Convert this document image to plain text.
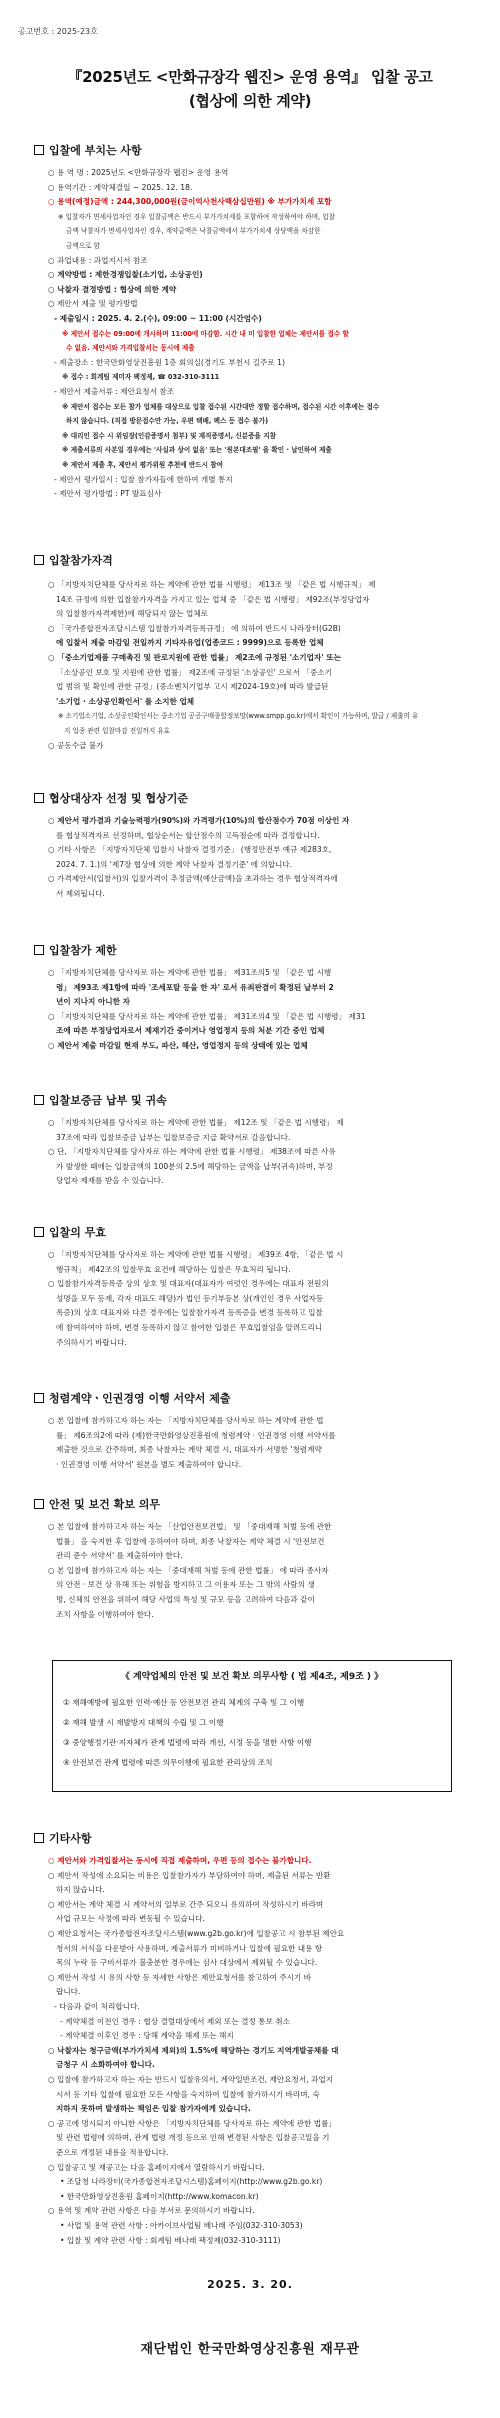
공고번호 : 2025-23호
『2025년도 <만화규장각 웹진> 운영 용역』 입찰 공고
(협상에 의한 계약)
입찰에 부치는 사항
○ 용 역 명 : 2025년도 <만화규장각 웹진> 운영 용역
○ 용역기간 : 계약체결일 ~ 2025. 12. 18.
○ 용역(예정)금액 : 244,300,000원(금이억사천사백삼십만원) ※ 부가가치세 포함
※ 입찰자가 면세사업자인 경우 입찰금액은 반드시 부가가치세를 포함하여 작성하여야 하며, 입찰
금액 낙찰자가 면세사업자인 경우, 계약금액은 낙찰금액에서 부가가치세 상당액을 차감한
금액으로 함
○ 과업내용 : 과업지시서 참조
○ 계약방법 : 제한경쟁입찰(소기업, 소상공인)
○ 낙찰자 결정방법 : 협상에 의한 계약
○ 제안서 제출 및 평가방법
- 제출일시 : 2025. 4. 2.(수), 09:00 ~ 11:00 (시간엄수)
※ 제안서 접수는 09:00에 개시하며 11:00에 마감함. 시간 내 미 입찰한 업체는 제안서를 접수 할
수 없음. 제안서와 가격입찰서는 동시에 제출
- 제출장소 : 한국만화영상진흥원 1층 회의실(경기도 부천시 길주로 1)
※ 접수 : 회계팀 제미자 팩정제, ☎ 032-310-3111
- 제안서 제출서류 : 제안요청서 참조
※ 제안서 접수는 모든 참가 업체를 대상으로 입찰 접수된 시간대만 정할 접수하며, 접수된 시간 이후에는 접수
하지 않습니다. (직접 방문접수만 가능, 우편 택배, 팩스 등 접수 불가)
※ 대리인 접수 시 위임장(인감증명서 첨부) 및 재직증명서, 신분증을 지참
※ 제출서류의 사본일 경우에는 '사실과 상이 없음' 또는 '원본대조필' 을 확인 · 날인하여 제출
※ 제안서 제출 후, 제안서 평가위원 추천에 반드시 참여
- 제안서 평가일시 : 입찰 참가자들에 한하여 개별 통지
- 제안서 평가방법 : PT 발표심사
입찰참가자격
○ 「지방자치단체를 당사자로 하는 계약에 관한 법률 시행령」 제13조 및 「같은 법 시행규칙」 제
14조 규정에 의한 입찰참가자격을 가지고 있는 업체 중 「같은 법 시행령」 제92조(부정당업자
의 입찰참가자격제한)에 해당되지 않는 업체로
○ 「국가종합전자조달시스템 입찰참가자격등록규정」 에 의하여 반드시 나라장터(G2B)
에 입찰서 제출 마감일 전일까지 기타자유업(업종코드 : 9999)으로 등록한 업체
○ 「중소기업제품 구매촉진 및 판로지원에 관한 법률」 제2조에 규정된 '소기업자' 또는
「소상공인 보호 및 지원에 관한 법률」 제2조에 규정된 '소상공인' 으로서 「중소기
업 범위 및 확인에 관한 규정」(중소벤처기업부 고시 제2024-19호)에 따라 발급된
'소기업 · 소상공인확인서' 를 소지한 업체
※ 소기업소기업, 소상공인확인서는 중소기업 공공구매종합정보망(www.smpp.go.kr)에서 확인이 가능하며, 발급 / 제출의 유
지 업종 관련 입찰마감 전일까지 유효
○ 공동수급 불가
협상대상자 선정 및 협상기준
○ 제안서 평가결과 기술능력평가(90%)와 가격평가(10%)의 합산점수가 70점 이상인 자
를 협상적격자로 선정하며, 협상순서는 합산점수의 고득점순에 따라 결정합니다.
○ 기타 사항은 「지방자치단체 입찰시 낙찰자 결정기준」 (행정안전부 예규 제283호,
2024. 7. 1.)의 '제7장 협상에 의한 계약 낙찰자 결정기준' 에 의합니다.
○ 가격제안서(입찰서)의 입찰가격이 추정금액(예산금액)을 초과하는 경우 협상적격자에
서 제외됩니다.
입찰참가 제한
○ 「지방자치단체를 당사자로 하는 계약에 관한 법률」 제31조의5 및 「같은 법 시행
령」 제93조 제1항에 따라 '조세포탈 등을 한 자' 로서 유죄판결이 확정된 날부터 2
년이 지나지 아니한 자
○ 「지방자치단체를 당사자로 하는 계약에 관한 법률」 제31조의4 및 「같은 법 시행령」 제31
조에 따른 부정당업자로서 제재기간 중이거나 영업정지 등의 처분 기간 중인 업체
○ 제안서 제출 마감일 현재 부도, 파산, 해산, 영업정지 등의 상태에 있는 업체
입찰보증금 납부 및 귀속
○ 「지방자치단체를 당사자로 하는 계약에 관한 법률」 제12조 및 「같은 법 시행령」 제
37조에 따라 입찰보증금 납부는 입찰보증금 지급 확약서로 갈음합니다.
○ 단, 「지방자치단체를 당사자로 하는 계약에 관한 법률 시행령」 제38조에 따른 사유
가 발생한 때에는 입찰금액의 100분의 2.5에 해당하는 금액을 납부(귀속)하며, 부정
당업자 제재를 받을 수 있습니다.
입찰의 무효
○ 「지방자치단체를 당사자로 하는 계약에 관한 법률 시행령」 제39조 4항, 「같은 법 시
행규칙」 제42조의 입찰무효 요건에 해당하는 입찰은 무효처리 됩니다.
○ 입찰참가자격등록증 상의 상호 및 대표자(대표자가 여럿인 경우에는 대표자 전원의
성명을 모두 등재, 각자 대표도 해당)가 법인 등기부등본 상(개인인 경우 사업자등
록증)의 상호 대표자와 다른 경우에는 입찰참가자격 등록증을 변경 등록하고 입찰
에 참여하여야 하며, 변경 등록하지 않고 참여한 입찰은 무효입찰임을 알려드리니
주의하시기 바랍니다.
청렴계약ㆍ인권경영 이행 서약서 제출
○ 본 입찰에 참가하고자 하는 자는 「지방자치단체를 당사자로 하는 계약에 관한 법
률」 제6조의2에 따라 (재)한국만화영상진흥원에 청렴계약 · 인권경영 이행 서약서를
제출한 것으로 간주하며, 최종 낙찰자는 계약 체결 시, 대표자가 서명한 '청렴계약
· 인권경영 이행 서약서' 원본을 별도 제출하여야 합니다.
안전 및 보건 확보 의무
○ 본 입찰에 참가하고자 하는 자는 「산업안전보건법」 및 「중대재해 처벌 등에 관한
법률」 을 숙지한 후 입찰에 응하여야 하며, 최종 낙찰자는 계약 체결 시 '안전보건
관리 준수 서약서' 를 제출하여야 한다.
○ 본 입찰에 참가하고자 하는 자는 「중대재해 처벌 등에 관한 법률」 에 따라 종사자
의 안전 · 보건 상 유해 또는 위험을 방지하고 그 이용자 또는 그 밖의 사람의 생
명, 신체의 안전을 위하여 해당 사업의 특성 및 규모 등을 고려하여 다음과 같이
조치 사항을 이행하여야 한다.
《 계약업체의 안전 및 보건 확보 의무사항 ( 법 제4조, 제9조 ) 》
① 재해예방에 필요한 인력·예산 등 안전보건 관리 체계의 구축 및 그 이행
② 재해 발생 시 재발방지 대책의 수립 및 그 이행
③ 중앙행정기관·지자체가 관계 법령에 따라 개선, 시정 등을 명한 사항 이행
④ 안전보건 관계 법령에 따른 의무이행에 필요한 관리상의 조치
기타사항
○ 제안서와 가격입찰서는 동시에 직접 제출하며, 우편 등의 접수는 불가합니다.
○ 제안서 작성에 소요되는 비용은 입찰참가자가 부담하여야 하며, 제출된 서류는 반환
하지 않습니다.
○ 제안서는 계약 체결 시 계약서의 일부로 간주 되오니 유의하여 작성하시기 바라며
사업 규모는 사정에 따라 변동될 수 있습니다.
○ 제안요청서는 국가종합전자조달시스템(www.g2b.go.kr)에 입찰공고 시 참부된 제안요
청서의 서식을 다운받아 사용하며, 제출서류가 미비하거나 입찰에 필요한 내용 항
목의 누락 등 구비서류가 불충분한 경우에는 심사 대상에서 제외될 수 있습니다.
○ 제안서 작성 시 유의 사항 등 자세한 사항은 제안요청서를 참고하여 주시기 바
랍니다.
- 다음과 같이 처리합니다.
- 계약체결 이전인 경우 : 협상 결렬대상에서 제외 또는 결정 통보 취소
- 계약체결 이후인 경우 : 당해 계약을 해제 또는 해지
○ 낙찰자는 청구금액(부가가치세 제외)의 1.5%에 해당하는 경기도 지역개발공채를 대
금청구 시 소화하여야 합니다.
○ 입찰에 참가하고자 하는 자는 반드시 입찰유의서, 계약일반조건, 제안요청서, 과업지
시서 등 기타 입찰에 필요한 모든 사항을 숙지하여 입찰에 참가하시기 바라며, 숙
지하지 못하여 발생하는 책임은 입찰 참가자에게 있습니다.
○ 공고에 명시되지 아니한 사항은 「지방자치단체를 당사자로 하는 계약에 관한 법률」
및 관련 법령에 의하며, 관계 법령 개정 등으로 인해 변경된 사항은 입찰공고일을 기
준으로 개정된 내용을 적용합니다.
○ 입찰공고 및 재공고는 다음 홈페이지에서 열람하시기 바랍니다.
• 조달청 나라장터(국가종합전자조달시스템)홈페이지(http://www.g2b.go.kr)
• 한국만화영상진흥원 홈페이지(http://www.komacon.kr)
○ 용역 및 계약 관련 사항은 다음 부서로 문의하시기 바랍니다.
• 사업 및 용역 관련 사항 : 아카이브사업팀 배나래 주임(032-310-3053)
• 입찰 및 계약 관련 사항 : 회계팀 배나래 팩정제(032-310-3111)
2025. 3. 20.
재단법인 한국만화영상진흥원 재무관
